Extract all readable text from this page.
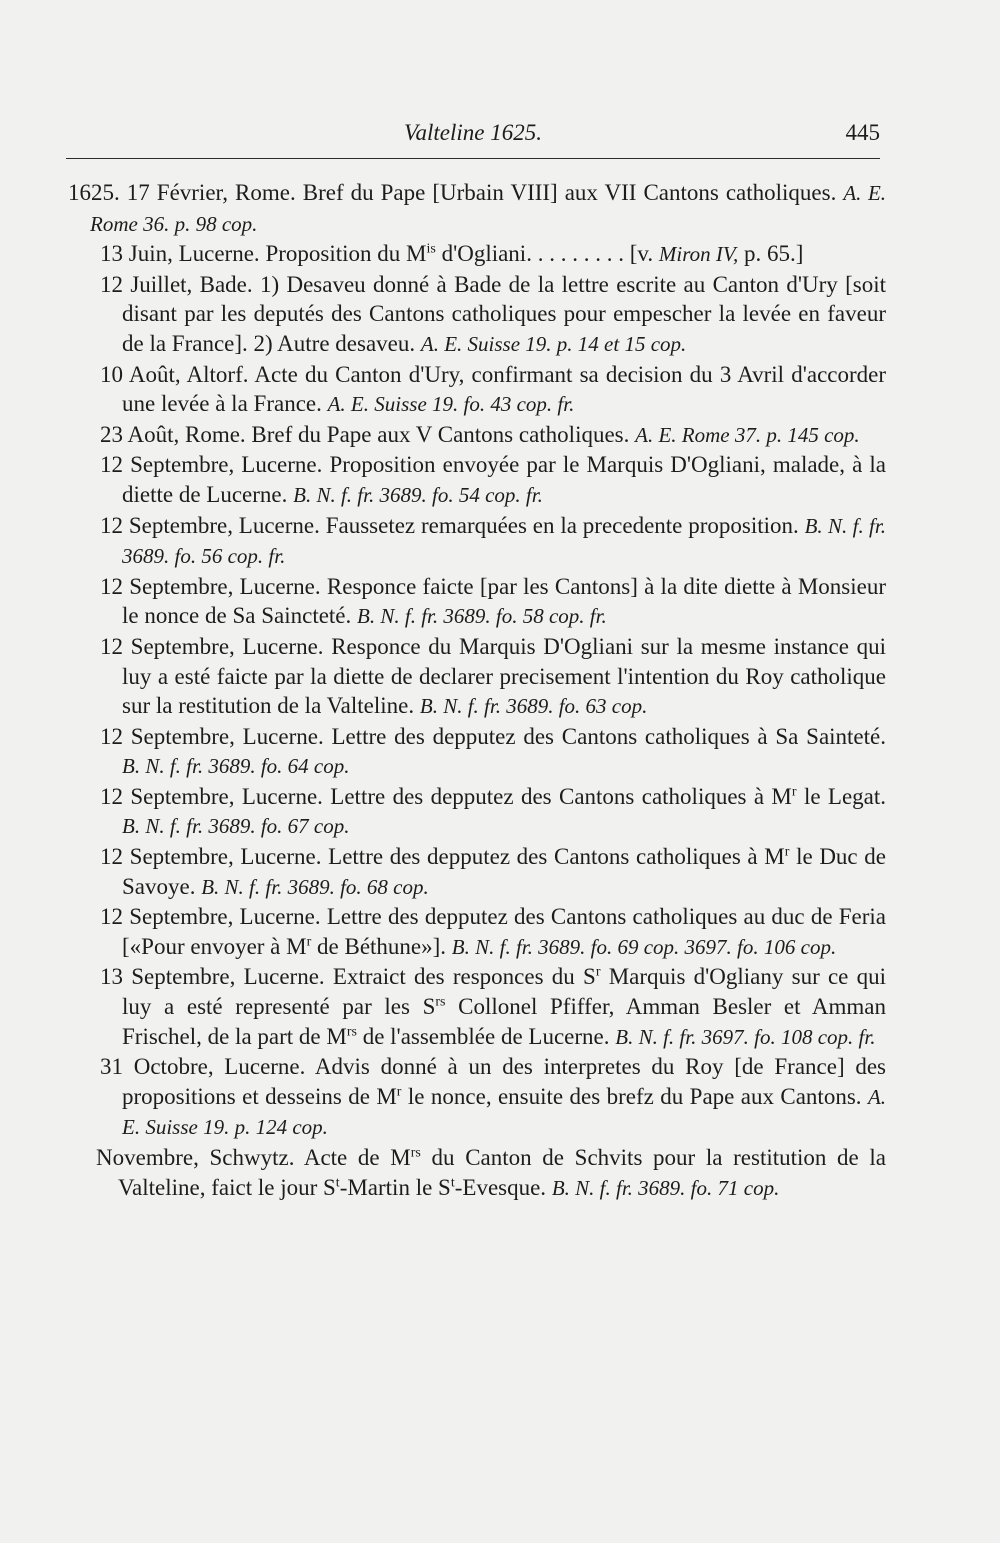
Valteline 1625.	445
1625. 17 Février, Rome. Bref du Pape [Urbain VIII] aux VII Cantons catholiques. A. E. Rome 36. p. 98 cop.
13 Juin, Lucerne. Proposition du $M^{is}$ d'Ogliani. . . . . . . . . [v. Miron IV, p. 65.]
12 Juillet, Bade. 1) Desaveu donné à Bade de la lettre escrite au Canton d'Ury [soit disant par les deputés des Cantons catholiques pour empescher la levée en faveur de la France]. 2) Autre desaveu. A. E. Suisse 19. p. 14 et 15 cop.
10 Août, Altorf. Acte du Canton d'Ury, confirmant sa decision du 3 Avril d'accorder une levée à la France. A. E. Suisse 19. fo. 43 cop. fr.
23 Août, Rome. Bref du Pape aux V Cantons catholiques. A. E. Rome 37. p. 145 cop.
12 Septembre, Lucerne. Proposition envoyée par le Marquis D'Ogliani, malade, à la diette de Lucerne. B. N. f. fr. 3689. fo. 54 cop. fr.
12 Septembre, Lucerne. Faussetez remarquées en la precedente proposition. B. N. f. fr. 3689. fo. 56 cop. fr.
12 Septembre, Lucerne. Responce faicte [par les Cantons] à la dite diette à Monsieur le nonce de Sa Sainctеté. B. N. f. fr. 3689. fo. 58 cop. fr.
12 Septembre, Lucerne. Responce du Marquis D'Ogliani sur la mesme instance qui luy a esté faicte par la diette de declarer precisement l'intention du Roy catholique sur la restitution de la Valteline. B. N. f. fr. 3689. fo. 63 cop.
12 Septembre, Lucerne. Lettre des depputez des Cantons catholiques à Sa Saintеté. B. N. f. fr. 3689. fo. 64 cop.
12 Septembre, Lucerne. Lettre des depputez des Cantons catholiques à $M^r$ le Legat. B. N. f. fr. 3689. fo. 67 cop.
12 Septembre, Lucerne. Lettre des depputez des Cantons catholiques à $M^r$ le Duc de Savoye. B. N. f. fr. 3689. fo. 68 cop.
12 Septembre, Lucerne. Lettre des depputez des Cantons catholiques au duc de Feria [«Pour envoyer à $M^r$ de Béthune»]. B. N. f. fr. 3689. fo. 69 cop. 3697. fo. 106 cop.
13 Septembre, Lucerne. Extraict des responces du $S^r$ Marquis d'Ogliany sur ce qui luy a esté representé par les $S^{rs}$ Collonel Pfiffer, Amman Besler et Amman Frischel, de la part de $M^{rs}$ de l'assemblée de Lucerne. B. N. f. fr. 3697. fo. 108 cop. fr.
31 Octobre, Lucerne. Advis donné à un des interpretes du Roy [de France] des propositions et desseins de $M^r$ le nonce, ensuite des brefz du Pape aux Cantons. A. E. Suisse 19. p. 124 cop.
Novembre, Schwytz. Acte de $M^{rs}$ du Canton de Schvits pour la restitution de la Valteline, faict le jour $S^t$-Martin le $S^t$-Evesque. B. N. f. fr. 3689. fo. 71 cop.
